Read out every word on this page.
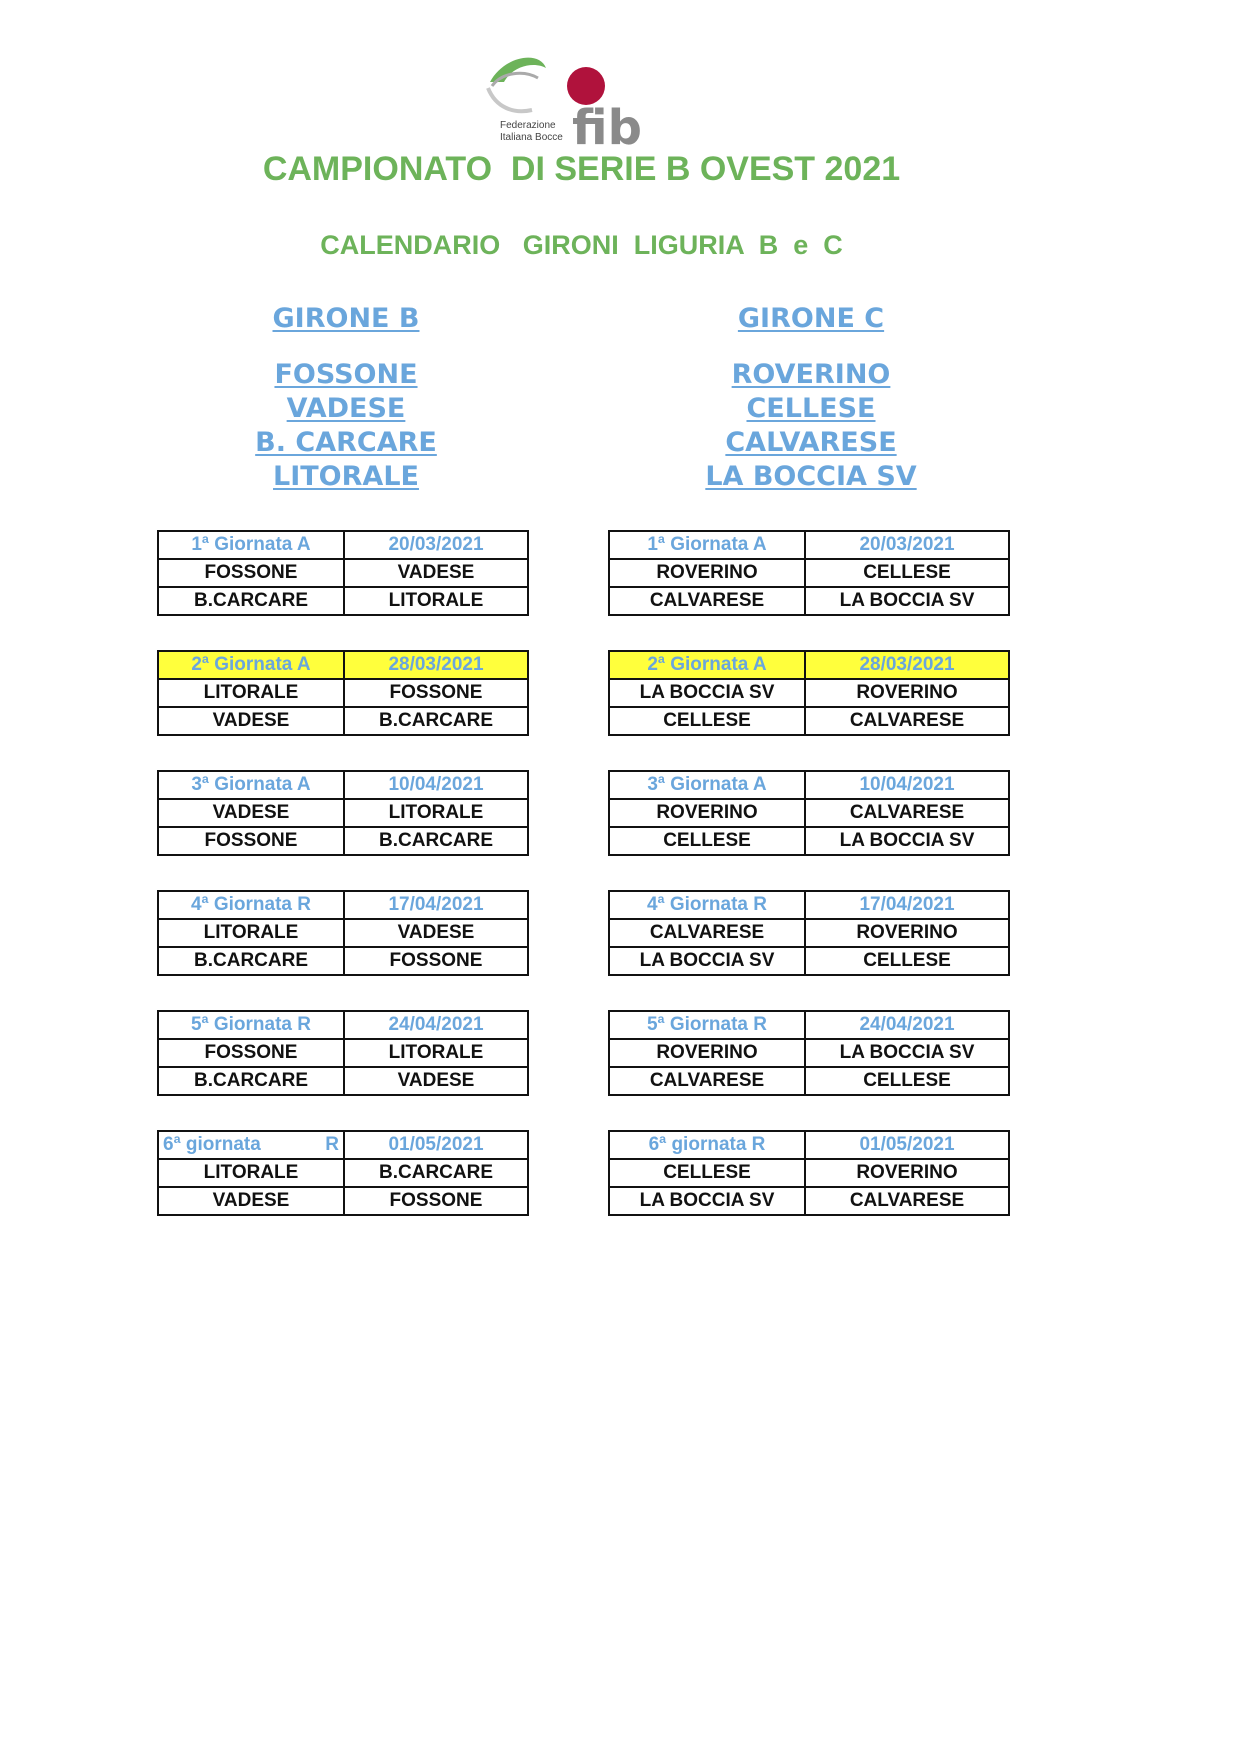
fib
Federazione
Italiana Bocce
CAMPIONATO  DI SERIE B OVEST 2021
CALENDARIO   GIRONI  LIGURIA  B  e  C

GIRONE B

FOSSONE
VADESE
B. CARCARE
LITORALE

GIRONE C

ROVERINO
CELLESE
CALVARESE
LA BOCCIA SV
1ª Giornata A	20/03/2021
FOSSONE	VADESE
B.CARCARE	LITORALE
2ª Giornata A	28/03/2021
LITORALE	FOSSONE
VADESE	B.CARCARE
3ª Giornata A	10/04/2021
VADESE	LITORALE
FOSSONE	B.CARCARE
4ª Giornata R	17/04/2021
LITORALE	VADESE
B.CARCARE	FOSSONE
5ª Giornata R	24/04/2021
FOSSONE	LITORALE
B.CARCARE	VADESE
6ª giornata R	01/05/2021
LITORALE	B.CARCARE
VADESE	FOSSONE
1ª Giornata A	20/03/2021
ROVERINO	CELLESE
CALVARESE	LA BOCCIA SV
2ª Giornata A	28/03/2021
LA BOCCIA SV	ROVERINO
CELLESE	CALVARESE
3ª Giornata A	10/04/2021
ROVERINO	CALVARESE
CELLESE	LA BOCCIA SV
4ª Giornata R	17/04/2021
CALVARESE	ROVERINO
LA BOCCIA SV	CELLESE
5ª Giornata R	24/04/2021
ROVERINO	LA BOCCIA SV
CALVARESE	CELLESE
6ª giornata R	01/05/2021
CELLESE	ROVERINO
LA BOCCIA SV	CALVARESE
